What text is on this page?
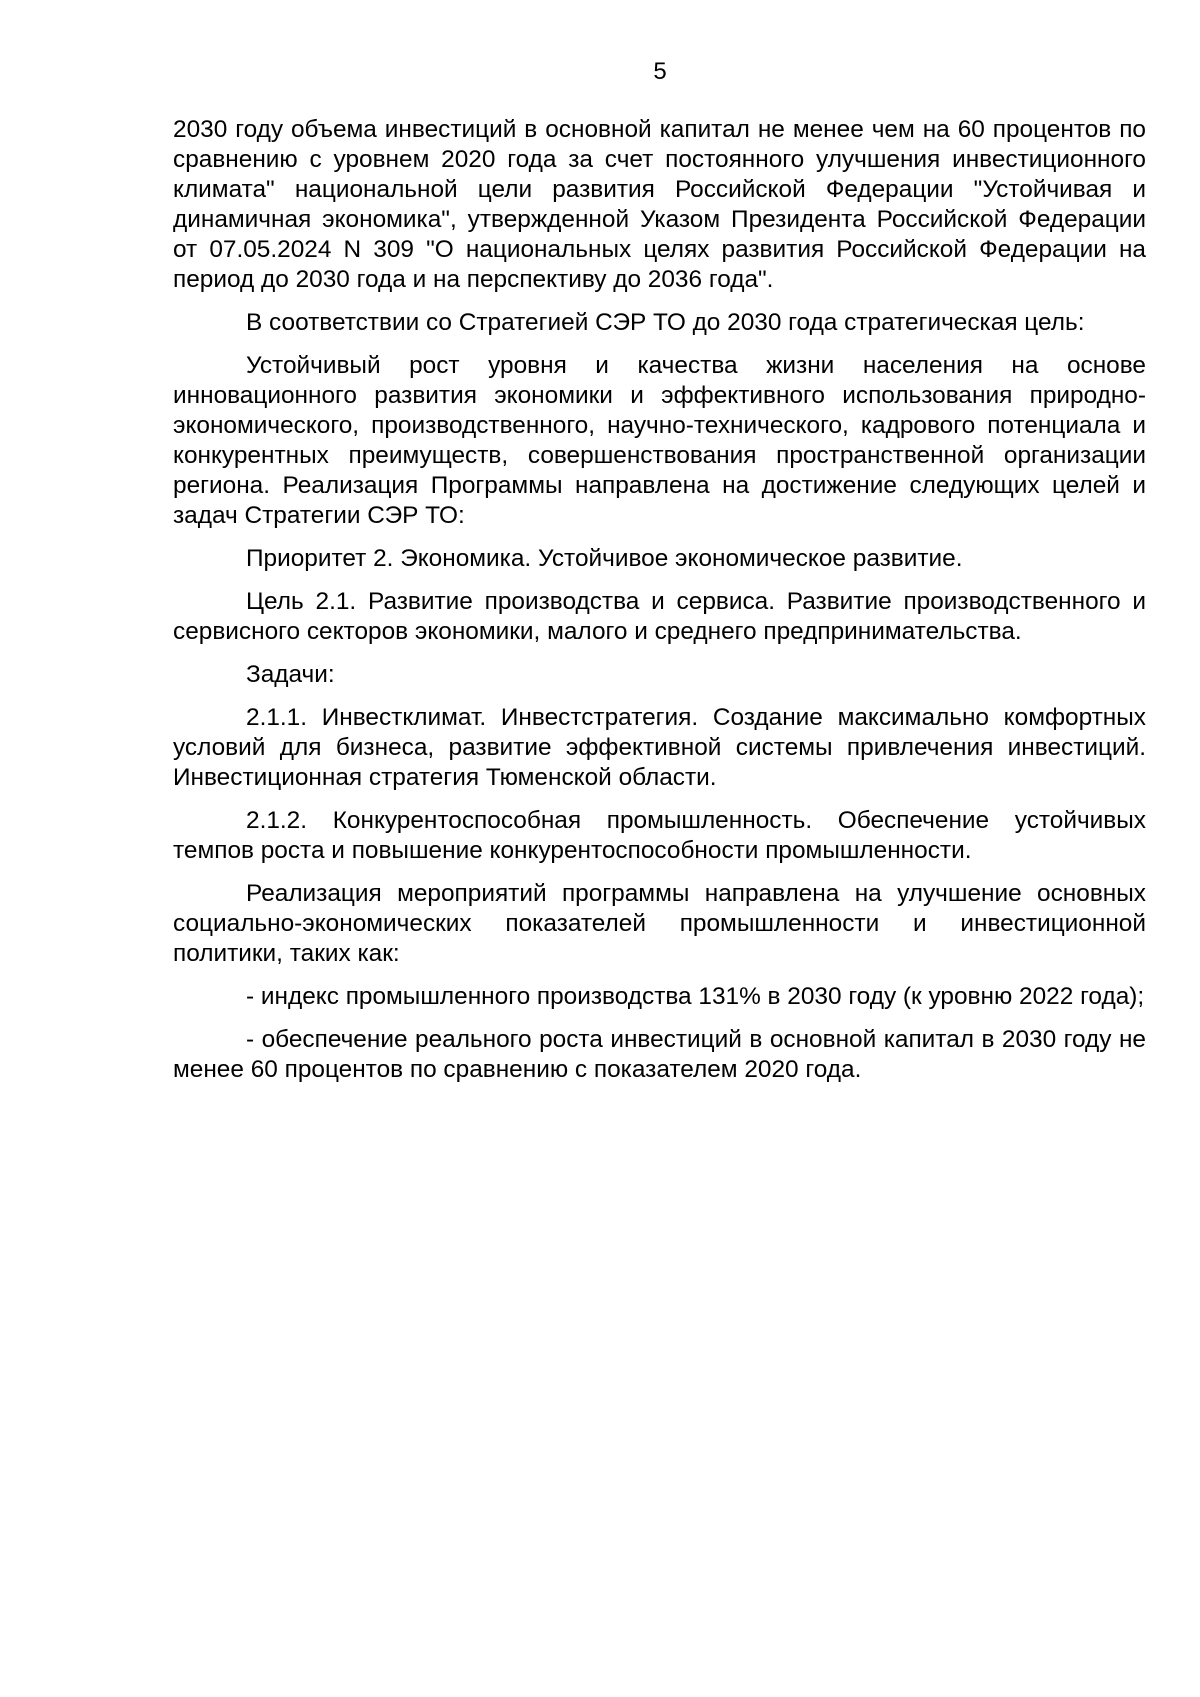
5

2030 году объема инвестиций в основной капитал не менее чем на 60 процентов по сравнению с уровнем 2020 года за счет постоянного улучшения инвестиционного климата" национальной цели развития Российской Федерации "Устойчивая и динамичная экономика", утвержденной Указом Президента Российской Федерации от 07.05.2024 N 309 "О национальных целях развития Российской Федерации на период до 2030 года и на перспективу до 2036 года".

В соответствии со Стратегией СЭР ТО до 2030 года стратегическая цель:

Устойчивый рост уровня и качества жизни населения на основе инновационного развития экономики и эффективного использования природно-экономического, производственного, научно-технического, кадрового потенциала и конкурентных преимуществ, совершенствования пространственной организации региона. Реализация Программы направлена на достижение следующих целей и задач Стратегии СЭР ТО:

Приоритет 2. Экономика. Устойчивое экономическое развитие.

Цель 2.1. Развитие производства и сервиса. Развитие производственного и сервисного секторов экономики, малого и среднего предпринимательства.

Задачи:

2.1.1. Инвестклимат. Инвестстратегия. Создание максимально комфортных условий для бизнеса, развитие эффективной системы привлечения инвестиций. Инвестиционная стратегия Тюменской области.

2.1.2. Конкурентоспособная промышленность. Обеспечение устойчивых темпов роста и повышение конкурентоспособности промышленности.

Реализация мероприятий программы направлена на улучшение основных социально-экономических показателей промышленности и инвестиционной политики, таких как:

- индекс промышленного производства 131% в 2030 году (к уровню 2022 года);

- обеспечение реального роста инвестиций в основной капитал в 2030 году не менее 60 процентов по сравнению с показателем 2020 года.
